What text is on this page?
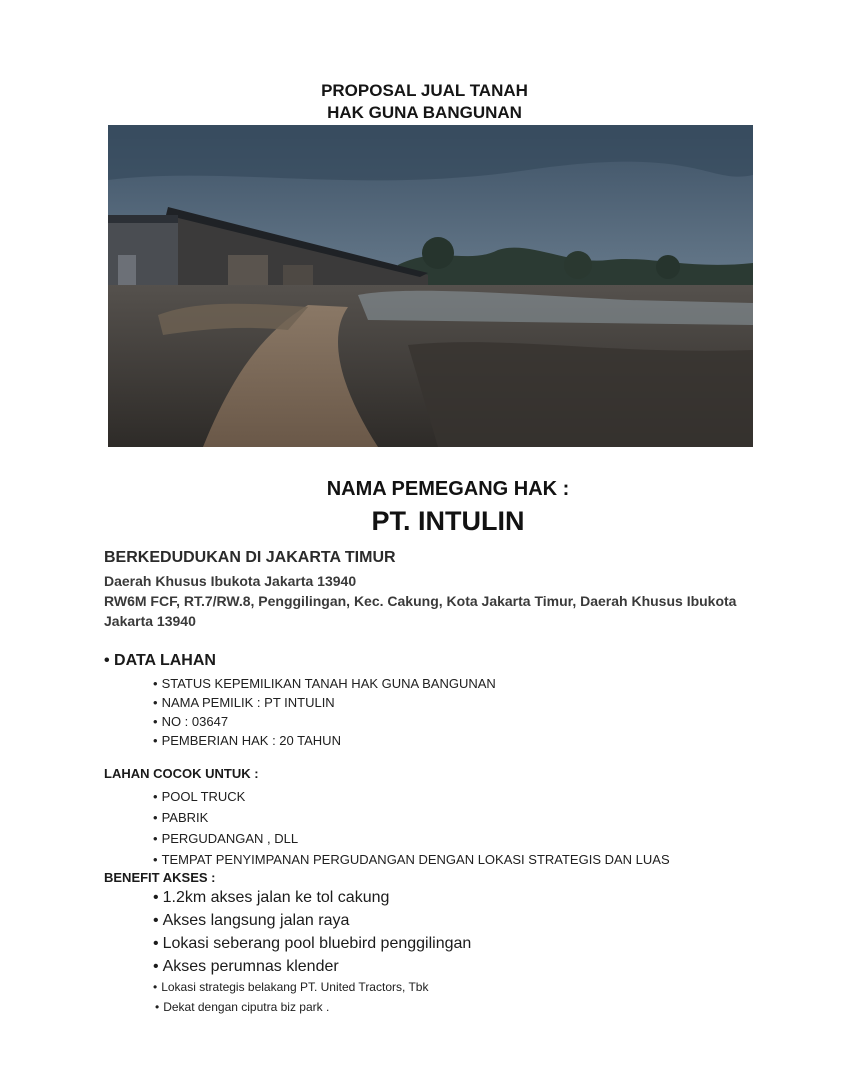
PROPOSAL JUAL TANAH
HAK GUNA BANGUNAN
NAMA PEMEGANG HAK :
PT. INTULIN
BERKEDUDUKAN DI JAKARTA TIMUR
Daerah Khusus Ibukota Jakarta 13940
RW6M FCF, RT.7/RW.8, Penggilingan, Kec. Cakung, Kota Jakarta Timur, Daerah Khusus Ibukota Jakarta 13940
• DATA LAHAN
• STATUS KEPEMILIKAN TANAH HAK GUNA BANGUNAN
• NAMA PEMILIK : PT INTULIN
• NO : 03647
• PEMBERIAN HAK : 20 TAHUN
LAHAN COCOK UNTUK :
• POOL TRUCK
• PABRIK
• PERGUDANGAN , DLL
• TEMPAT PENYIMPANAN PERGUDANGAN DENGAN LOKASI STRATEGIS DAN LUAS
BENEFIT AKSES :
• 1.2km akses jalan ke tol cakung
• Akses langsung jalan raya
• Lokasi seberang pool bluebird penggilingan
• Akses perumnas klender
• Lokasi strategis belakang PT. United Tractors, Tbk
• Dekat dengan ciputra biz park .
